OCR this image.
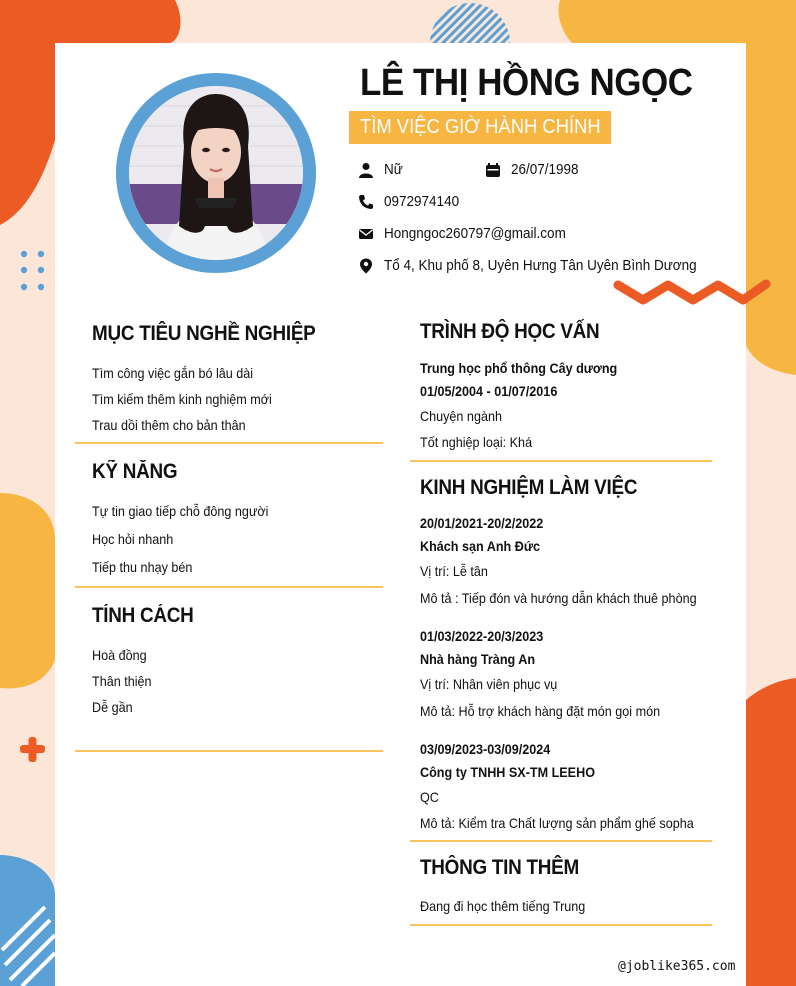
LÊ THỊ HỒNG NGỌC
TÌM VIỆC GIỜ HÀNH CHÍNH
Nữ	26/07/1998
0972974140
Hongngoc260797@gmail.com
Tổ 4, Khu phố 8, Uyên Hưng Tân Uyên Bình Dương
MỤC TIÊU NGHỀ NGHIỆP
Tìm công việc gắn bó lâu dài
Tìm kiếm thêm kinh nghiệm mới
Trau dồi thêm cho bản thân
KỸ NĂNG
Tự tin giao tiếp chỗ đông người
Học hỏi nhanh
Tiếp thu nhạy bén
TÍNH CÁCH
Hoà đồng
Thân thiện
Dễ gần
TRÌNH ĐỘ HỌC VẤN
Trung học phổ thông Cây dương
01/05/2004 - 01/07/2016
Chuyện ngành
Tốt nghiệp loại: Khá
KINH NGHIỆM LÀM VIỆC
20/01/2021-20/2/2022
Khách sạn Anh Đức
Vị trí: Lễ tân
Mô tả : Tiếp đón và hướng dẫn khách thuê phòng
01/03/2022-20/3/2023
Nhà hàng Tràng An
Vị trí: Nhân viên phục vụ
Mô tả: Hỗ trợ khách hàng đặt món gọi món
03/09/2023-03/09/2024
Công ty TNHH SX-TM LEEHO
QC
Mô tả: Kiểm tra Chất lượng sản phẩm ghế sopha
THÔNG TIN THÊM
Đang đi học thêm tiếng Trung
@joblike365.com
